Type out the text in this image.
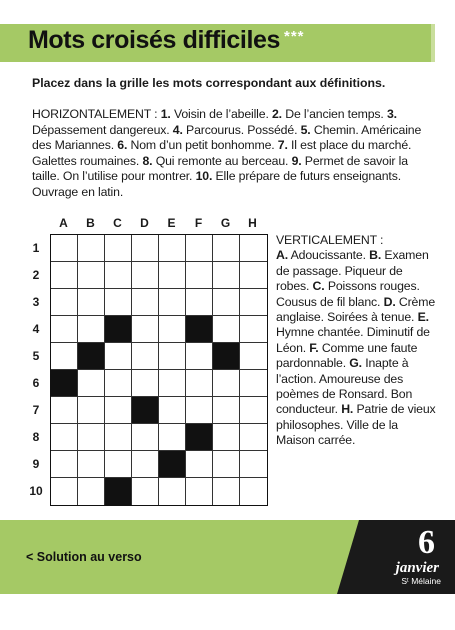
Mots croisés difficiles ***
Placez dans la grille les mots correspondant aux définitions.
HORIZONTALEMENT : 1. Voisin de l’abeille. 2. De l’ancien temps. 3. Dépassement dangereux. 4. Parcourus. Possédé. 5. Chemin. Américaine des Mariannes. 6. Nom d’un petit bonhomme. 7. Il est place du marché. Galettes roumaines. 8. Qui remonte au berceau. 9. Permet de savoir la taille. On l’utilise pour montrer. 10. Elle prépare de futurs enseignants. Ouvrage en latin.
A	B	C	D	E	F	G	H
1
2
3
4
5
6
7
8
9
10
VERTICALEMENT :
A. Adoucissante. B. Examen de passage. Piqueur de robes. C. Poissons rouges. Cousus de fil blanc. D. Crème anglaise. Soirées à tenue. E. Hymne chantée. Diminutif de Léon. F. Comme une faute pardonnable. G. Inapte à l’action. Amoureuse des poèmes de Ronsard. Bon conducteur. H. Patrie de vieux philosophes. Ville de la Maison carrée.
< Solution au verso	6
janvier
Sᵗ Mélaine
